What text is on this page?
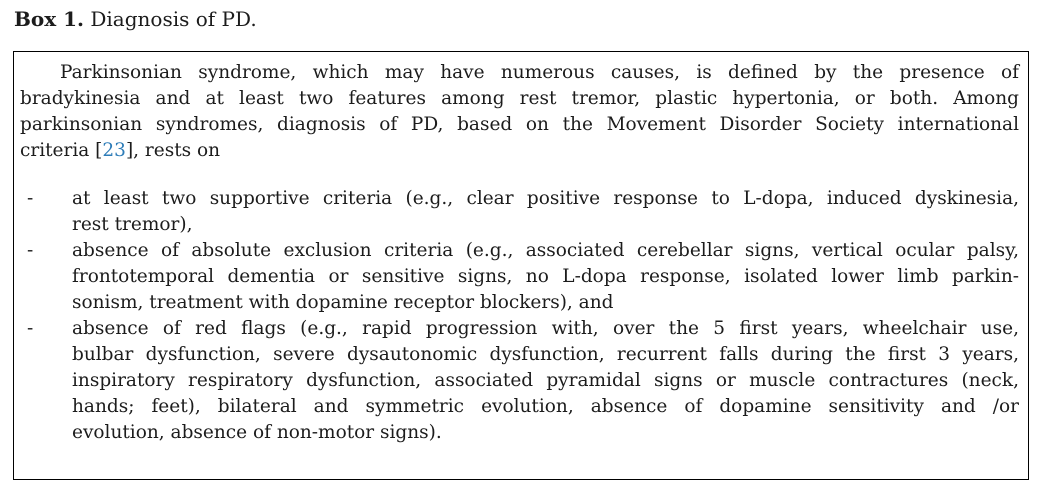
Box 1. Diagnosis of PD.
Parkinsonian syndrome, which may have numerous causes, is defined by the presence of
bradykinesia and at least two features among rest tremor, plastic hypertonia, or both. Among
parkinsonian syndromes, diagnosis of PD, based on the Movement Disorder Society international
criteria [23], rests on
-	at least two supportive criteria (e.g., clear positive response to L-dopa, induced dyskinesia,
rest tremor),
-	absence of absolute exclusion criteria (e.g., associated cerebellar signs, vertical ocular palsy,
frontotemporal dementia or sensitive signs, no L-dopa response, isolated lower limb parkin-
sonism, treatment with dopamine receptor blockers), and
-	absence of red flags (e.g., rapid progression with, over the 5 first years, wheelchair use,
bulbar dysfunction, severe dysautonomic dysfunction, recurrent falls during the first 3 years,
inspiratory respiratory dysfunction, associated pyramidal signs or muscle contractures (neck,
hands; feet), bilateral and symmetric evolution, absence of dopamine sensitivity and /or
evolution, absence of non-motor signs).
